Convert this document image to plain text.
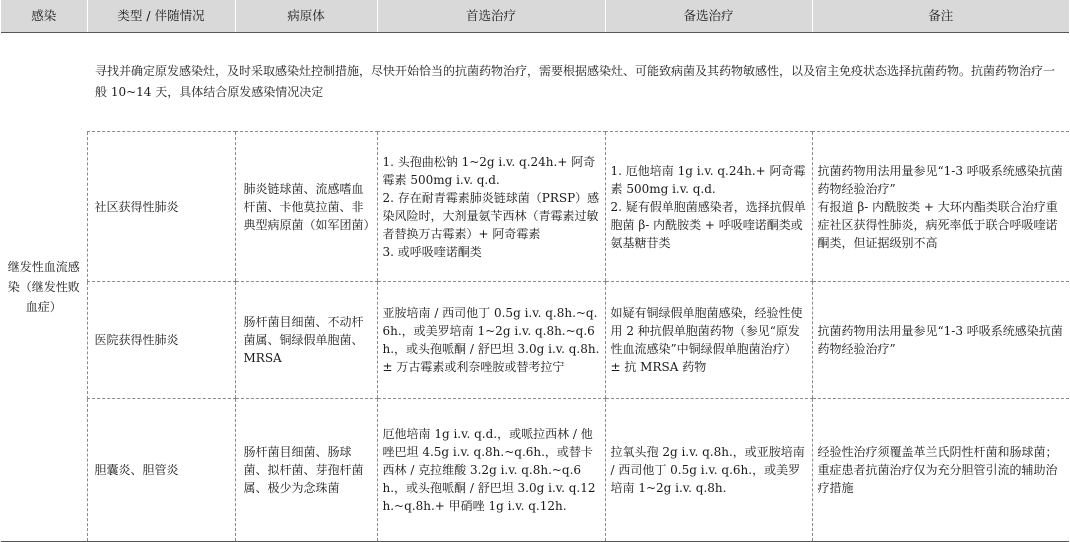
感染	类型 / 伴随情况	病原体	首选治疗	备选治疗	备注
继发性血流感染（继发性败血症）	寻找并确定原发感染灶，及时采取感染灶控制措施，尽快开始恰当的抗菌药物治疗，需要根据感染灶、可能致病菌及其药物敏感性，以及宿主免疫状态选择抗菌药物。抗菌药物治疗一般 10~14 天，具体结合原发感染情况决定				
	社区获得性肺炎	肺炎链球菌、流感嗜血杆菌、卡他莫拉菌、非典型病原菌（如军团菌）	1. 头孢曲松钠 1~2g i.v. q.24h.+ 阿奇霉素 500mg i.v. q.d.
2. 存在耐青霉素肺炎链球菌（PRSP）感染风险时，大剂量氨苄西林（青霉素过敏者替换万古霉素）+ 阿奇霉素
3. 或呼吸喹诺酮类	1. 厄他培南 1g i.v. q.24h.+ 阿奇霉素 500mg i.v. q.d.
2. 疑有假单胞菌感染者，选择抗假单胞菌 β- 内酰胺类 + 呼吸喹诺酮类或氨基糖苷类	抗菌药物用法用量参见“1-3 呼吸系统感染抗菌药物经验治疗”
有报道 β- 内酰胺类 + 大环内酯类联合治疗重症社区获得性肺炎，病死率低于联合呼吸喹诺酮类，但证据级别不高
	医院获得性肺炎	肠杆菌目细菌、不动杆菌属、铜绿假单胞菌、MRSA	亚胺培南 / 西司他丁 0.5g i.v. q.8h.~q.6h.，或美罗培南 1~2g i.v. q.8h.~q.6h.，或头孢哌酮 / 舒巴坦 3.0g i.v. q.8h. ± 万古霉素或利奈唑胺或替考拉宁	如疑有铜绿假单胞菌感染，经验性使用 2 种抗假单胞菌药物（参见“原发性血流感染”中铜绿假单胞菌治疗）± 抗 MRSA 药物	抗菌药物用法用量参见“1-3 呼吸系统感染抗菌药物经验治疗”
	胆囊炎、胆管炎	肠杆菌目细菌、肠球菌、拟杆菌、芽孢杆菌属、极少为念珠菌	厄他培南 1g i.v. q.d.，或哌拉西林 / 他唑巴坦 4.5g i.v. q.8h.~q.6h.，或替卡西林 / 克拉维酸 3.2g i.v. q.8h.~q.6h.，或头孢哌酮 / 舒巴坦 3.0g i.v. q.12h.~q.8h.+ 甲硝唑 1g i.v. q.12h.	拉氧头孢 2g i.v. q.8h.，或亚胺培南 / 西司他丁 0.5g i.v. q.6h.，或美罗培南 1~2g i.v. q.8h.	经验性治疗须覆盖革兰氏阴性杆菌和肠球菌；重症患者抗菌治疗仅为充分胆管引流的辅助治疗措施
